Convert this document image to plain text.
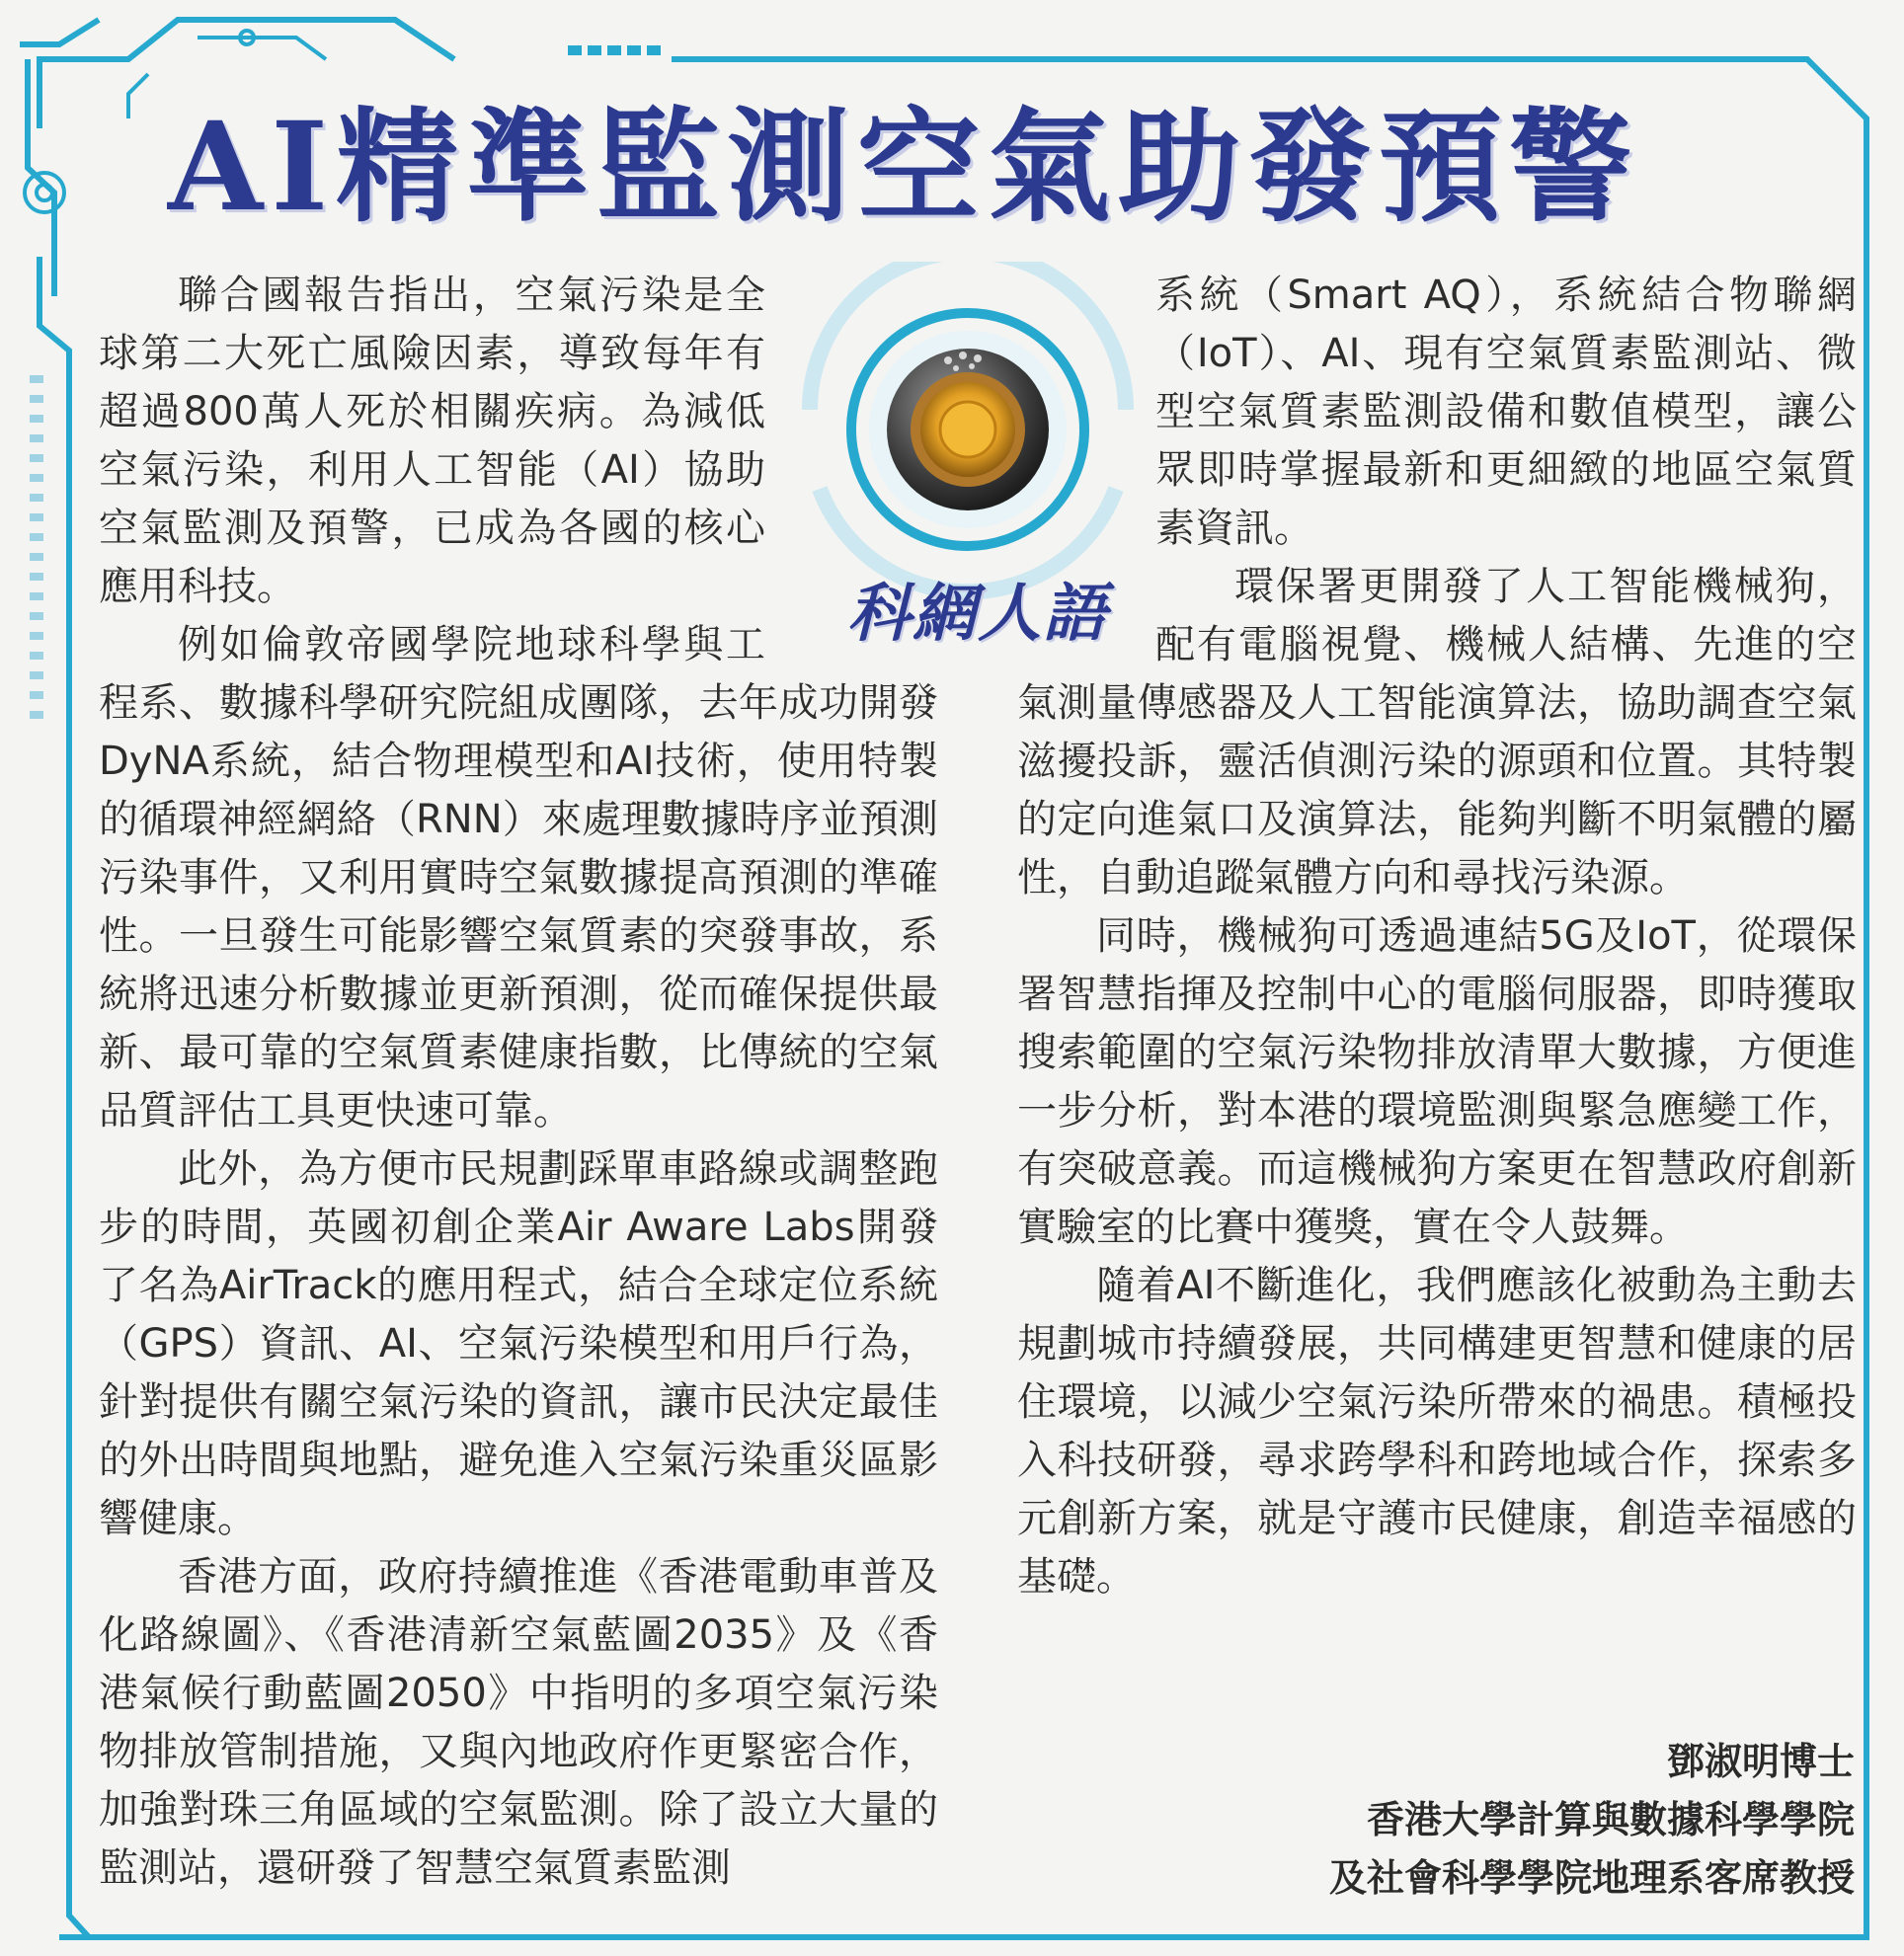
AI精準監測空氣助發預警
科網人語

聯合國報告指出，空氣污染是全球第二大死亡風險因素，導致每年有超過800萬人死於相關疾病。為減低空氣污染，利用人工智能（AI）協助空氣監測及預警，已成為各國的核心應用科技。

例如倫敦帝國學院地球科學與工程系、數據科學研究院組成團隊，去年成功開發DyNA系統，結合物理模型和AI技術，使用特製的循環神經網絡（RNN）來處理數據時序並預測污染事件，又利用實時空氣數據提高預測的準確性。一旦發生可能影響空氣質素的突發事故，系統將迅速分析數據並更新預測，從而確保提供最新、最可靠的空氣質素健康指數，比傳統的空氣品質評估工具更快速可靠。

此外，為方便市民規劃踩單車路線或調整跑步的時間，英國初創企業Air Aware Labs開發了名為AirTrack的應用程式，結合全球定位系統（GPS）資訊、AI、空氣污染模型和用戶行為，針對提供有關空氣污染的資訊，讓市民決定最佳的外出時間與地點，避免進入空氣污染重災區影響健康。

香港方面，政府持續推進《香港電動車普及化路線圖》、《香港清新空氣藍圖2035》及《香港氣候行動藍圖2050》中指明的多項空氣污染物排放管制措施，又與內地政府作更緊密合作，加強對珠三角區域的空氣監測。除了設立大量的監測站，還研發了智慧空氣質素監測

系統（Smart AQ），系統結合物聯網（IoT）、AI、現有空氣質素監測站、微型空氣質素監測設備和數值模型，讓公眾即時掌握最新和更細緻的地區空氣質素資訊。

環保署更開發了人工智能機械狗，配有電腦視覺、機械人結構、先進的空氣測量傳感器及人工智能演算法，協助調查空氣滋擾投訴，靈活偵測污染的源頭和位置。其特製的定向進氣口及演算法，能夠判斷不明氣體的屬性，自動追蹤氣體方向和尋找污染源。

同時，機械狗可透過連結5G及IoT，從環保署智慧指揮及控制中心的電腦伺服器，即時獲取搜索範圍的空氣污染物排放清單大數據，方便進一步分析，對本港的環境監測與緊急應變工作，有突破意義。而這機械狗方案更在智慧政府創新實驗室的比賽中獲獎，實在令人鼓舞。

隨着AI不斷進化，我們應該化被動為主動去規劃城市持續發展，共同構建更智慧和健康的居住環境，以減少空氣污染所帶來的禍患。積極投入科技研發，尋求跨學科和跨地域合作，探索多元創新方案，就是守護市民健康，創造幸福感的基礎。

鄧淑明博士
香港大學計算與數據科學學院
及社會科學學院地理系客席教授
